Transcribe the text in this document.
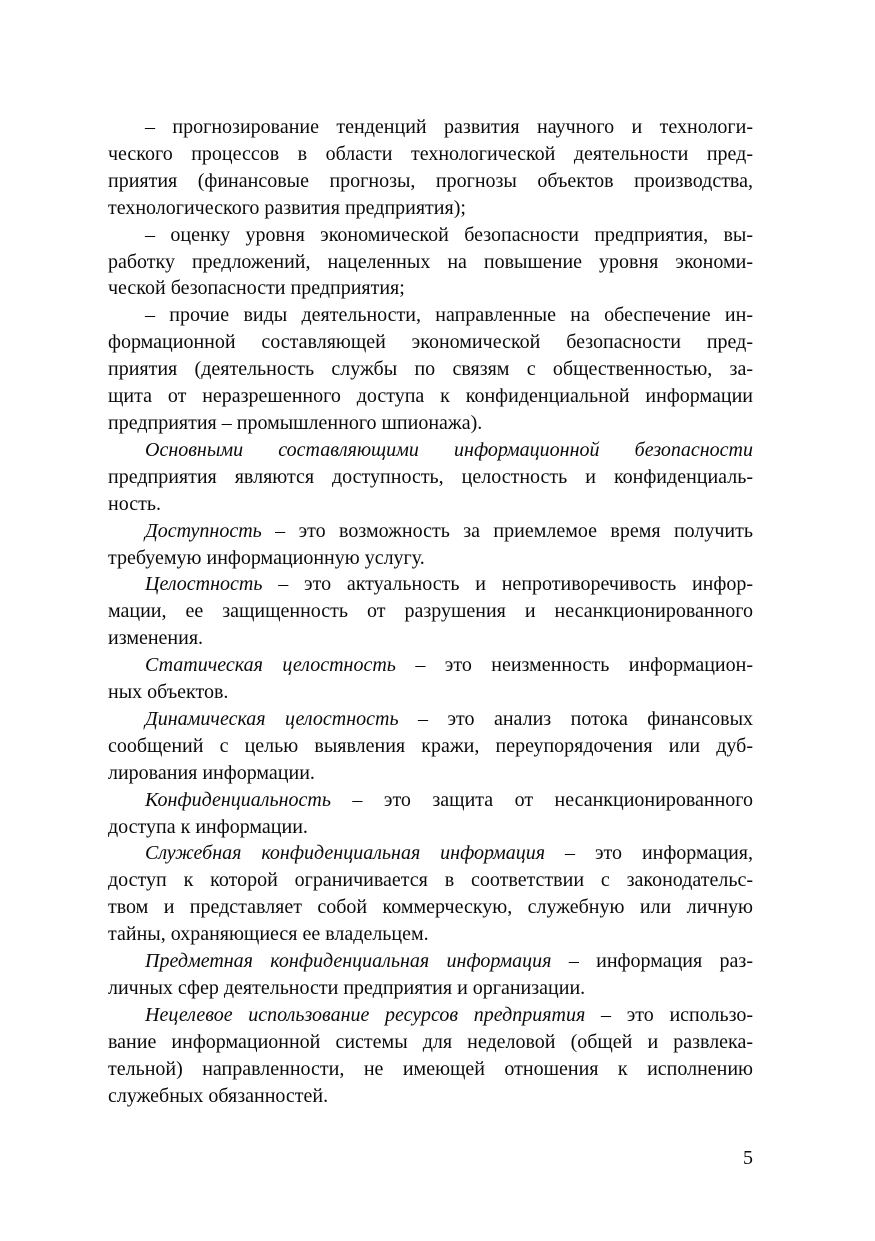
– прогнозирование тенденций развития научного и технологи-
ческого процессов в области технологической деятельности пред-
приятия (финансовые прогнозы, прогнозы объектов производства,
технологического развития предприятия);
– оценку уровня экономической безопасности предприятия, вы-
работку предложений, нацеленных на повышение уровня экономи-
ческой безопасности предприятия;
– прочие виды деятельности, направленные на обеспечение ин-
формационной составляющей экономической безопасности пред-
приятия (деятельность службы по связям с общественностью, за-
щита от неразрешенного доступа к конфиденциальной информации
предприятия – промышленного шпионажа).
Основными составляющими информационной безопасности
предприятия являются доступность, целостность и конфиденциаль-
ность.
Доступность – это возможность за приемлемое время получить
требуемую информационную услугу.
Целостность – это актуальность и непротиворечивость инфор-
мации, ее защищенность от разрушения и несанкционированного
изменения.
Статическая целостность – это неизменность информацион-
ных объектов.
Динамическая целостность – это анализ потока финансовых
сообщений с целью выявления кражи, переупорядочения или дуб-
лирования информации.
Конфиденциальность – это защита от несанкционированного
доступа к информации.
Служебная конфиденциальная информация – это информация,
доступ к которой ограничивается в соответствии с законодательс-
твом и представляет собой коммерческую, служебную или личную
тайны, охраняющиеся ее владельцем.
Предметная конфиденциальная информация – информация раз-
личных сфер деятельности предприятия и организации.
Нецелевое использование ресурсов предприятия – это использо-
вание информационной системы для неделовой (общей и развлека-
тельной) направленности, не имеющей отношения к исполнению
служебных обязанностей.
5
